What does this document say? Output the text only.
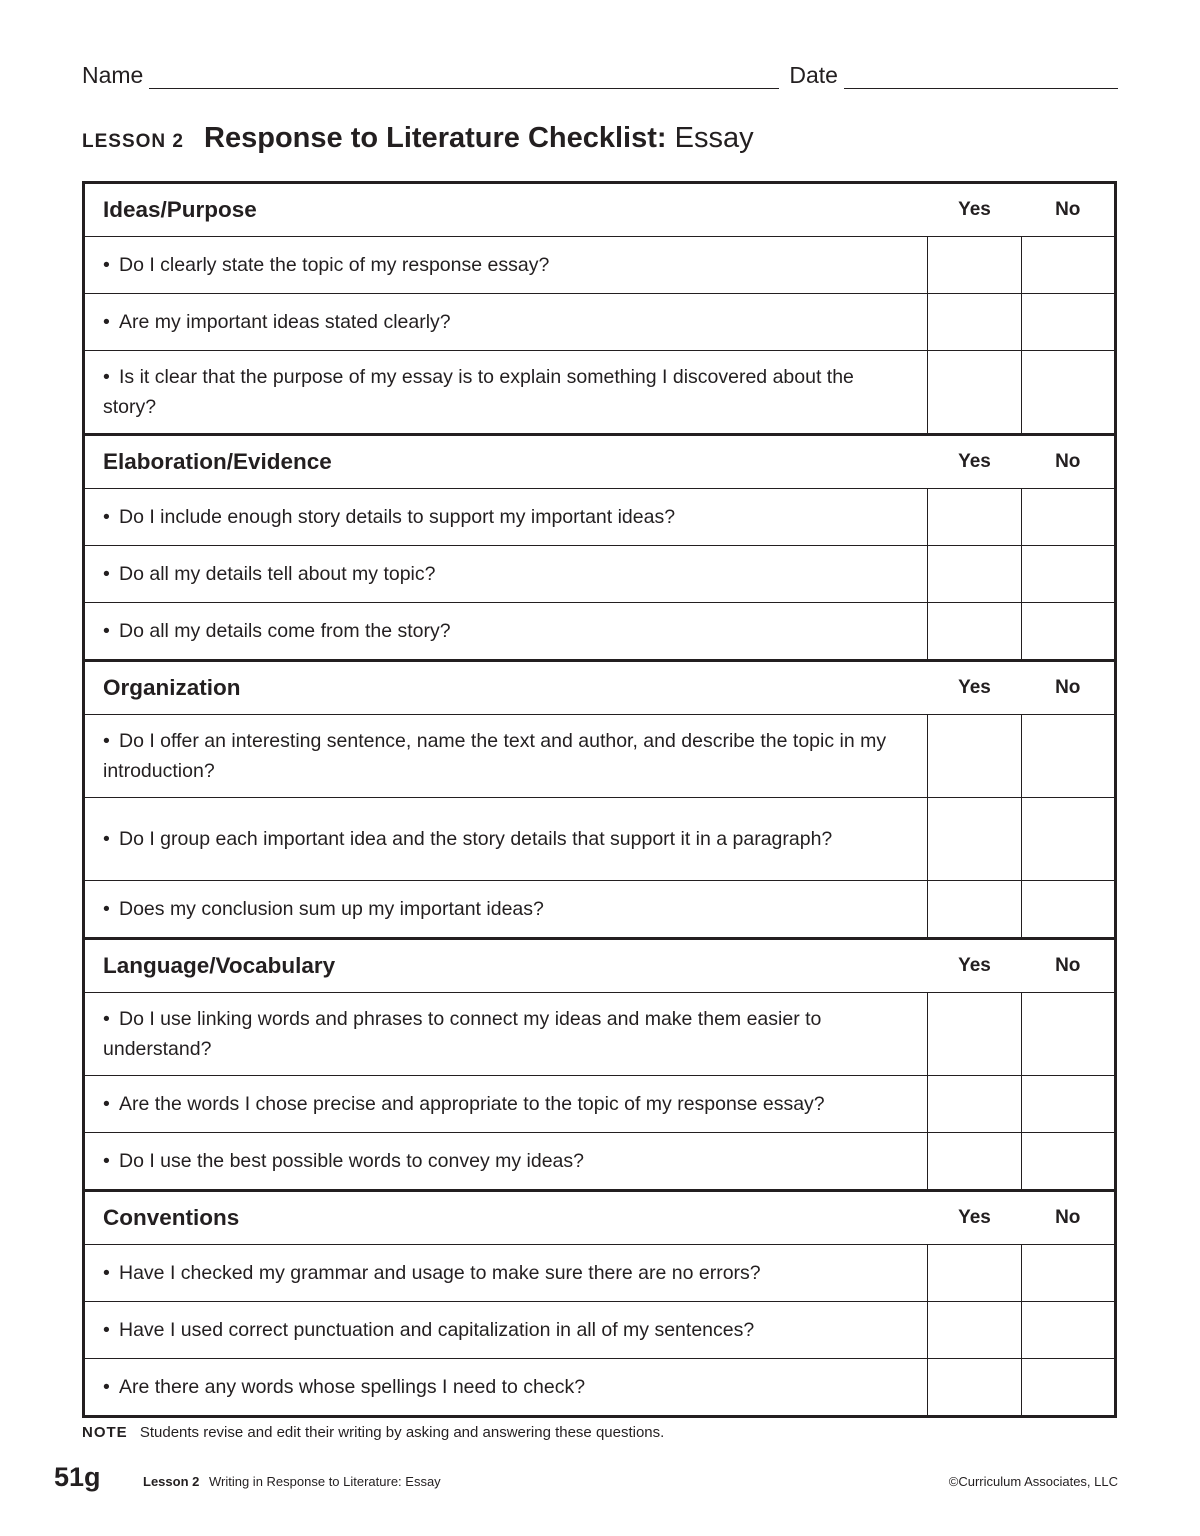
Name	Date
LESSON 2 Response to Literature Checklist: Essay
Ideas/Purpose	Yes	No
• Do I clearly state the topic of my response essay?		
• Are my important ideas stated clearly?		
• Is it clear that the purpose of my essay is to explain something I discovered about the story?		
Elaboration/Evidence	Yes	No
• Do I include enough story details to support my important ideas?		
• Do all my details tell about my topic?		
• Do all my details come from the story?		
Organization	Yes	No
• Do I offer an interesting sentence, name the text and author, and describe the topic in my introduction?		
• Do I group each important idea and the story details that support it in a paragraph?		
• Does my conclusion sum up my important ideas?		
Language/Vocabulary	Yes	No
• Do I use linking words and phrases to connect my ideas and make them easier to understand?		
• Are the words I chose precise and appropriate to the topic of my response essay?		
• Do I use the best possible words to convey my ideas?		
Conventions	Yes	No
• Have I checked my grammar and usage to make sure there are no errors?		
• Have I used correct punctuation and capitalization in all of my sentences?		
• Are there any words whose spellings I need to check?		
NOTE Students revise and edit their writing by asking and answering these questions.
51g	Lesson 2 Writing in Response to Literature: Essay	©Curriculum Associates, LLC
